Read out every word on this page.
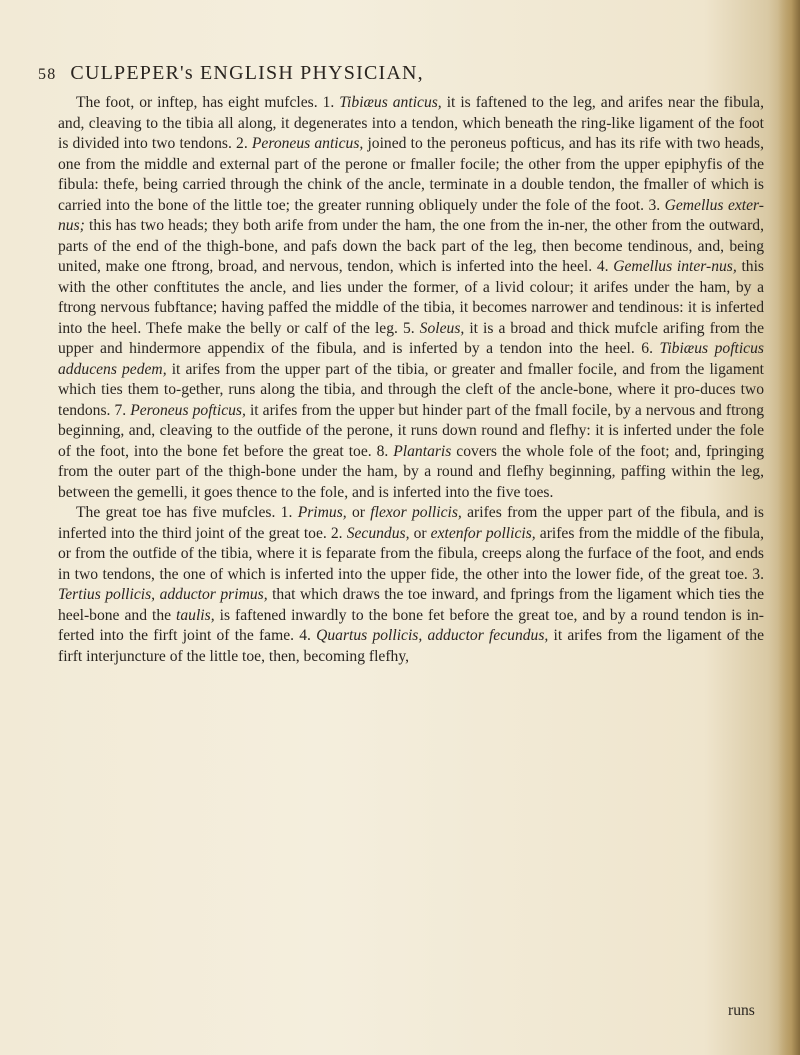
58 CULPEPER's ENGLISH PHYSICIAN,

The foot, or inftep, has eight mufcles. 1. Tibiæus anticus, it is faftened to the leg, and arifes near the fibula, and, cleaving to the tibia all along, it degenerates into a tendon, which beneath the ring-like ligament of the foot is divided into two tendons. 2. Peroneus anticus, joined to the peroneus pofticus, and has its rife with two heads, one from the middle and external part of the perone or fmaller focile; the other from the upper epiphyfis of the fibula: thefe, being carried through the chink of the ancle, terminate in a double tendon, the fmaller of which is carried into the bone of the little toe; the greater running obliquely under the fole of the foot. 3. Gemellus exter-nus; this has two heads; they both arife from under the ham, the one from the in-ner, the other from the outward, parts of the end of the thigh-bone, and pafs down the back part of the leg, then become tendinous, and, being united, make one ftrong, broad, and nervous, tendon, which is inferted into the heel. 4. Gemellus inter-nus, this with the other conftitutes the ancle, and lies under the former, of a livid colour; it arifes under the ham, by a ftrong nervous fubftance; having paffed the middle of the tibia, it becomes narrower and tendinous: it is inferted into the heel. Thefe make the belly or calf of the leg. 5. Soleus, it is a broad and thick mufcle arifing from the upper and hindermore appendix of the fibula, and is inferted by a tendon into the heel. 6. Tibiæus pofticus adducens pedem, it arifes from the upper part of the tibia, or greater and fmaller focile, and from the ligament which ties them to-gether, runs along the tibia, and through the cleft of the ancle-bone, where it pro-duces two tendons. 7. Peroneus pofticus, it arifes from the upper but hinder part of the fmall focile, by a nervous and ftrong beginning, and, cleaving to the outfide of the perone, it runs down round and flefhy: it is inferted under the fole of the foot, into the bone fet before the great toe. 8. Plantaris covers the whole fole of the foot; and, fpringing from the outer part of the thigh-bone under the ham, by a round and flefhy beginning, paffing within the leg, between the gemelli, it goes thence to the fole, and is inferted into the five toes.

The great toe has five mufcles. 1. Primus, or flexor pollicis, arifes from the upper part of the fibula, and is inferted into the third joint of the great toe. 2. Secundus, or extenfor pollicis, arifes from the middle of the fibula, or from the outfide of the tibia, where it is feparate from the fibula, creeps along the furface of the foot, and ends in two tendons, the one of which is inferted into the upper fide, the other into the lower fide, of the great toe. 3. Tertius pollicis, adductor primus, that which draws the toe inward, and fprings from the ligament which ties the heel-bone and the taulis, is faftened inwardly to the bone fet before the great toe, and by a round tendon is in-ferted into the firft joint of the fame. 4. Quartus pollicis, adductor fecundus, it arifes from the ligament of the firft interjuncture of the little toe, then, becoming flefhy,

runs
